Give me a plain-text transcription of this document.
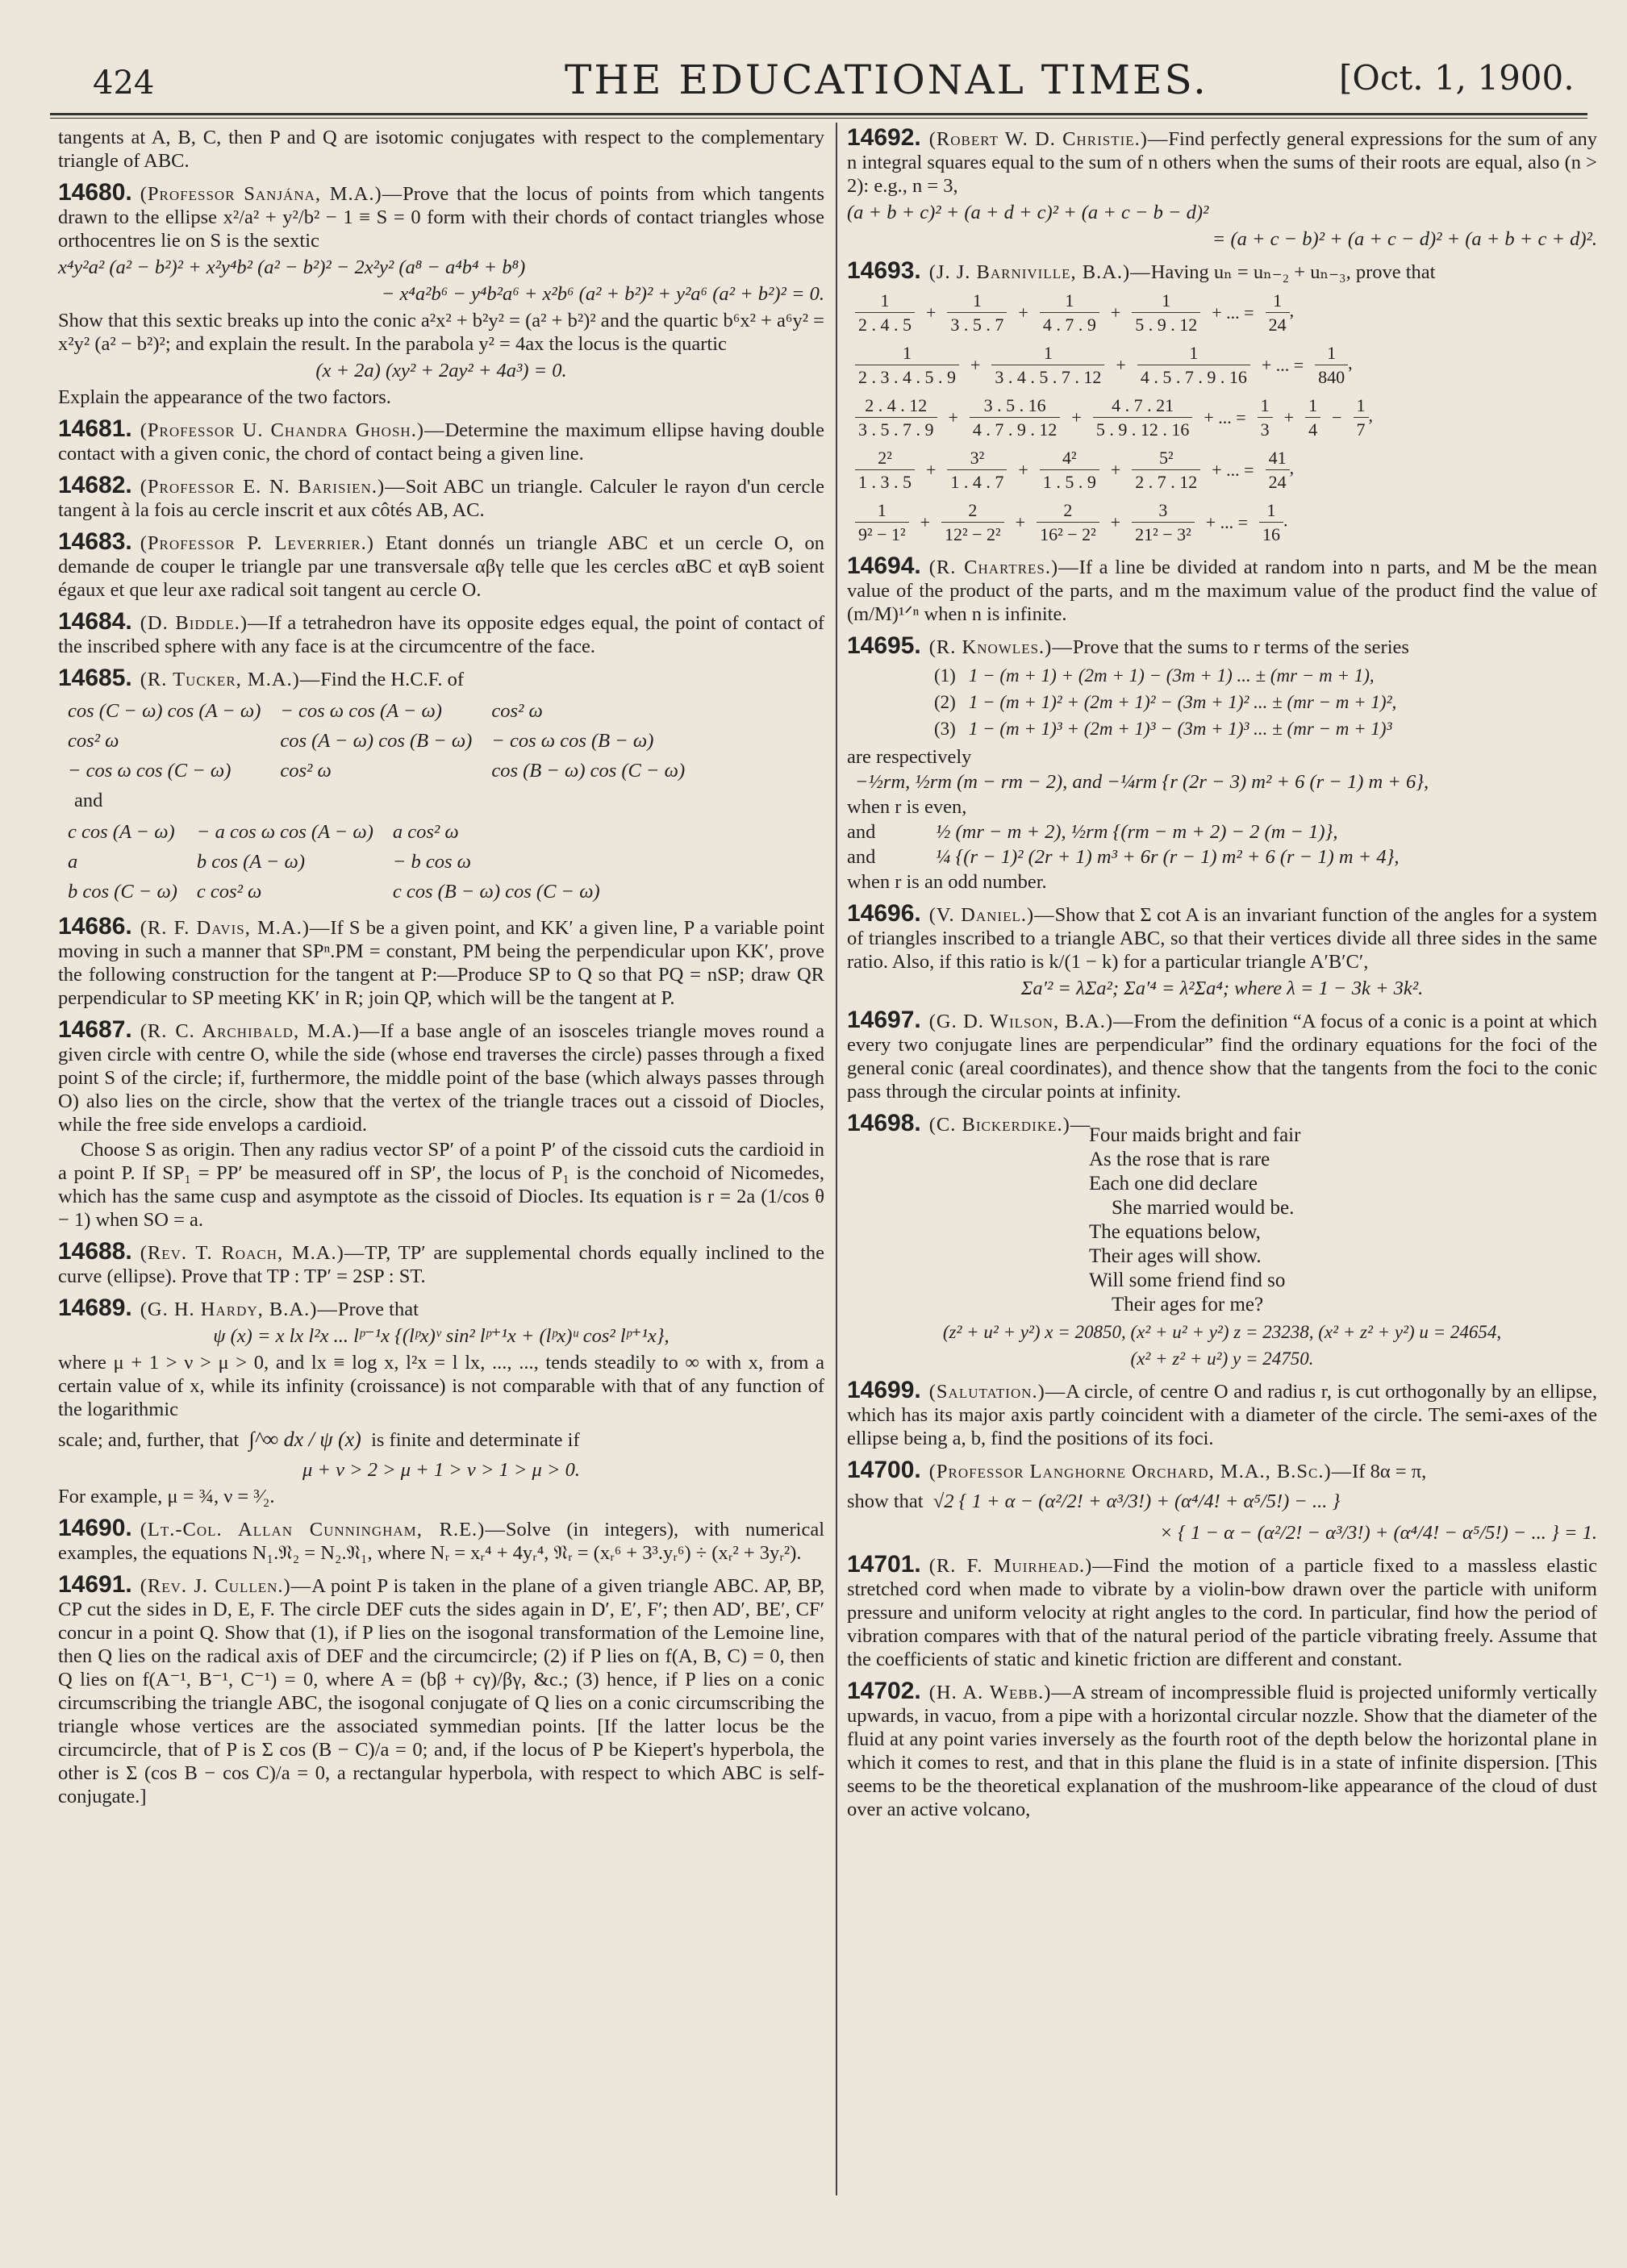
424	THE EDUCATIONAL TIMES.	[Oct. 1, 1900.

tangents at A, B, C, then P and Q are isotomic conjugates with respect to the complementary triangle of ABC.

14680. (Professor Sanjána, M.A.)—Prove that the locus of points from which tangents drawn to the ellipse x²/a² + y²/b² − 1 ≡ S = 0 form with their chords of contact triangles whose orthocentres lie on S is the sextic

x⁴y²a² (a² − b²)² + x²y⁴b² (a² − b²)² − 2x²y² (a⁸ − a⁴b⁴ + b⁸)

− x⁴a²b⁶ − y⁴b²a⁶ + x²b⁶ (a² + b²)² + y²a⁶ (a² + b²)² = 0.

Show that this sextic breaks up into the conic a²x² + b²y² = (a² + b²)² and the quartic b⁶x² + a⁶y² = x²y² (a² − b²)²; and explain the result. In the parabola y² = 4ax the locus is the quartic

(x + 2a) (xy² + 2ay² + 4a³) = 0.

Explain the appearance of the two factors.

14681. (Professor U. Chandra Ghosh.)—Determine the maximum ellipse having double contact with a given conic, the chord of contact being a given line.

14682. (Professor E. N. Barisien.)—Soit ABC un triangle. Calculer le rayon d'un cercle tangent à la fois au cercle inscrit et aux côtés AB, AC.

14683. (Professor P. Leverrier.) Etant donnés un triangle ABC et un cercle O, on demande de couper le triangle par une transversale αβγ telle que les cercles αBC et αγB soient égaux et que leur axe radical soit tangent au cercle O.

14684. (D. Biddle.)—If a tetrahedron have its opposite edges equal, the point of contact of the inscribed sphere with any face is at the circumcentre of the face.

14685. (R. Tucker, M.A.)—Find the H.C.F. of

cos (C − ω) cos (A − ω)	− cos ω cos (A − ω)	cos² ω
cos² ω	cos (A − ω) cos (B − ω)	− cos ω cos (B − ω)
− cos ω cos (C − ω)	cos² ω	cos (B − ω) cos (C − ω)

and

c cos (A − ω)	− a cos ω cos (A − ω)	a cos² ω
a	b cos (A − ω)	− b cos ω
b cos (C − ω)	c cos² ω	c cos (B − ω) cos (C − ω)

14686. (R. F. Davis, M.A.)—If S be a given point, and KK′ a given line, P a variable point moving in such a manner that SPⁿ.PM = constant, PM being the perpendicular upon KK′, prove the following construction for the tangent at P:—Produce SP to Q so that PQ = nSP; draw QR perpendicular to SP meeting KK′ in R; join QP, which will be the tangent at P.

14687. (R. C. Archibald, M.A.)—If a base angle of an isosceles triangle moves round a given circle with centre O, while the side (whose end traverses the circle) passes through a fixed point S of the circle; if, furthermore, the middle point of the base (which always passes through O) also lies on the circle, show that the vertex of the triangle traces out a cissoid of Diocles, while the free side envelops a cardioid.

Choose S as origin. Then any radius vector SP′ of a point P′ of the cissoid cuts the cardioid in a point P. If SP₁ = PP′ be measured off in SP′, the locus of P₁ is the conchoid of Nicomedes, which has the same cusp and asymptote as the cissoid of Diocles. Its equation is r = 2a (1/cos θ − 1) when SO = a.

14688. (Rev. T. Roach, M.A.)—TP, TP′ are supplemental chords equally inclined to the curve (ellipse). Prove that TP : TP′ = 2SP : ST.

14689. (G. H. Hardy, B.A.)—Prove that

ψ (x) = x lx l²x ... lᵖ⁻¹x {(lᵖx)ᵛ sin² lᵖ⁺¹x + (lᵖx)ᵘ cos² lᵖ⁺¹x},

where μ + 1 > ν > μ > 0, and lx ≡ log x, l²x = l lx, ..., ..., tends steadily to ∞ with x, from a certain value of x, while its infinity (croissance) is not comparable with that of any function of the logarithmic

scale; and, further, that ∫^∞ dx / ψ (x) is finite and determinate if

μ + ν > 2 > μ + 1 > ν > 1 > μ > 0.

For example, μ = ¾, ν = ³⁄₂.

14690. (Lt.-Col. Allan Cunningham, R.E.)—Solve (in integers), with numerical examples, the equations N₁.𝔑₂ = N₂.𝔑₁, where Nᵣ = xᵣ⁴ + 4yᵣ⁴, 𝔑ᵣ = (xᵣ⁶ + 3³.yᵣ⁶) ÷ (xᵣ² + 3yᵣ²).

14691. (Rev. J. Cullen.)—A point P is taken in the plane of a given triangle ABC. AP, BP, CP cut the sides in D, E, F. The circle DEF cuts the sides again in D′, E′, F′; then AD′, BE′, CF′ concur in a point Q. Show that (1), if P lies on the isogonal transformation of the Lemoine line, then Q lies on the radical axis of DEF and the circumcircle; (2) if P lies on f(A, B, C) = 0, then Q lies on f(A⁻¹, B⁻¹, C⁻¹) = 0, where A = (bβ + cγ)/βγ, &c.; (3) hence, if P lies on a conic circumscribing the triangle ABC, the isogonal conjugate of Q lies on a conic circumscribing the triangle whose vertices are the associated symmedian points. [If the latter locus be the circumcircle, that of P is Σ cos (B − C)/a = 0; and, if the locus of P be Kiepert's hyperbola, the other is Σ (cos B − cos C)/a = 0, a rectangular hyperbola, with respect to which ABC is self-conjugate.]

14692. (Robert W. D. Christie.)—Find perfectly general expressions for the sum of any n integral squares equal to the sum of n others when the sums of their roots are equal, also (n > 2): e.g., n = 3,

(a + b + c)² + (a + d + c)² + (a + c − b − d)²

= (a + c − b)² + (a + c − d)² + (a + b + c + d)².

14693. (J. J. Barniville, B.A.)—Having uₙ = uₙ₋₂ + uₙ₋₃, prove that

$\frac{1}{2 . 4 . 5} + \frac{1}{3 . 5 . 7} + \frac{1}{4 . 7 . 9} + \frac{1}{5 . 9 . 12}$ + ... = $\frac{1}{24}$ ,
$\frac{1}{2 . 3 . 4 . 5 . 9} + \frac{1}{3 . 4 . 5 . 7 . 12} + \frac{1}{4 . 5 . 7 . 9 . 16}$ + ... = $\frac{1}{840}$ ,
$\frac{2 . 4 . 12}{3 . 5 . 7 . 9} + \frac{3 . 5 . 16}{4 . 7 . 9 . 12} + \frac{4 . 7 . 21}{5 . 9 . 12 . 16}$ + ... = $\frac{1}{3} + \frac{1}{4} - \frac{1}{7}$ ,
$\frac{\text{2²}}{1 . 3 . 5} + \frac{\text{3²}}{1 . 4 . 7} + \frac{\text{4²}}{1 . 5 . 9} + \frac{\text{5²}}{2 . 7 . 12}$ + ... = $\frac{41}{24}$ ,
$\frac{1}{\text{9² − 1²}} + \frac{2}{\text{12² − 2²}} + \frac{2}{\text{16² − 2²}} + \frac{3}{\text{21² − 3²}}$ + ... = $\frac{1}{16}$ .

14694. (R. Chartres.)—If a line be divided at random into n parts, and M be the mean value of the product of the parts, and m the maximum value of the product find the value of (m/M)¹ᐟⁿ when n is infinite.

14695. (R. Knowles.)—Prove that the sums to r terms of the series

(1)	1 − (m + 1) + (2m + 1) − (3m + 1) ... ± (mr − m + 1),
(2)	1 − (m + 1)² + (2m + 1)² − (3m + 1)² ... ± (mr − m + 1)²,
(3)	1 − (m + 1)³ + (2m + 1)³ − (3m + 1)³ ... ± (mr − m + 1)³

are respectively

−½rm, ½rm (m − rm − 2), and −¼rm {r (2r − 3) m² + 6 (r − 1) m + 6},

when r is even,

and	½ (mr − m + 2), ½rm {(rm − m + 2) − 2 (m − 1)},

and	¼ {(r − 1)² (2r + 1) m³ + 6r (r − 1) m² + 6 (r − 1) m + 4},

when r is an odd number.

14696. (V. Daniel.)—Show that Σ cot A is an invariant function of the angles for a system of triangles inscribed to a triangle ABC, so that their vertices divide all three sides in the same ratio. Also, if this ratio is k/(1 − k) for a particular triangle A′B′C′,

Σa′² = λΣa²; Σa′⁴ = λ²Σa⁴; where λ = 1 − 3k + 3k².

14697. (G. D. Wilson, B.A.)—From the definition “A focus of a conic is a point at which every two conjugate lines are perpendicular” find the ordinary equations for the foci of the general conic (areal coordinates), and thence show that the tangents from the foci to the conic pass through the circular points at infinity.

14698. (C. Bickerdike.)—

Four maids bright and fair
As the rose that is rare
Each one did declare
She married would be.
The equations below,
Their ages will show.
Will some friend find so
Their ages for me?

(z² + u² + y²) x = 20850, (x² + u² + y²) z = 23238, (x² + z² + y²) u = 24654,

(x² + z² + u²) y = 24750.

14699. (Salutation.)—A circle, of centre O and radius r, is cut orthogonally by an ellipse, which has its major axis partly coincident with a diameter of the circle. The semi-axes of the ellipse being a, b, find the positions of its foci.

14700. (Professor Langhorne Orchard, M.A., B.Sc.)—If 8α = π,

show that √2 { 1 + α − (α²/2! + α³/3!) + (α⁴/4! + α⁵/5!) − ... }

× { 1 − α − (α²/2! − α³/3!) + (α⁴/4! − α⁵/5!) − ... } = 1.

14701. (R. F. Muirhead.)—Find the motion of a particle fixed to a massless elastic stretched cord when made to vibrate by a violin-bow drawn over the particle with uniform pressure and uniform velocity at right angles to the cord. In particular, find how the period of vibration compares with that of the natural period of the particle vibrating freely. Assume that the coefficients of static and kinetic friction are different and constant.

14702. (H. A. Webb.)—A stream of incompressible fluid is projected uniformly vertically upwards, in vacuo, from a pipe with a horizontal circular nozzle. Show that the diameter of the fluid at any point varies inversely as the fourth root of the depth below the horizontal plane in which it comes to rest, and that in this plane the fluid is in a state of infinite dispersion. [This seems to be the theoretical explanation of the mushroom-like appearance of the cloud of dust over an active volcano,
